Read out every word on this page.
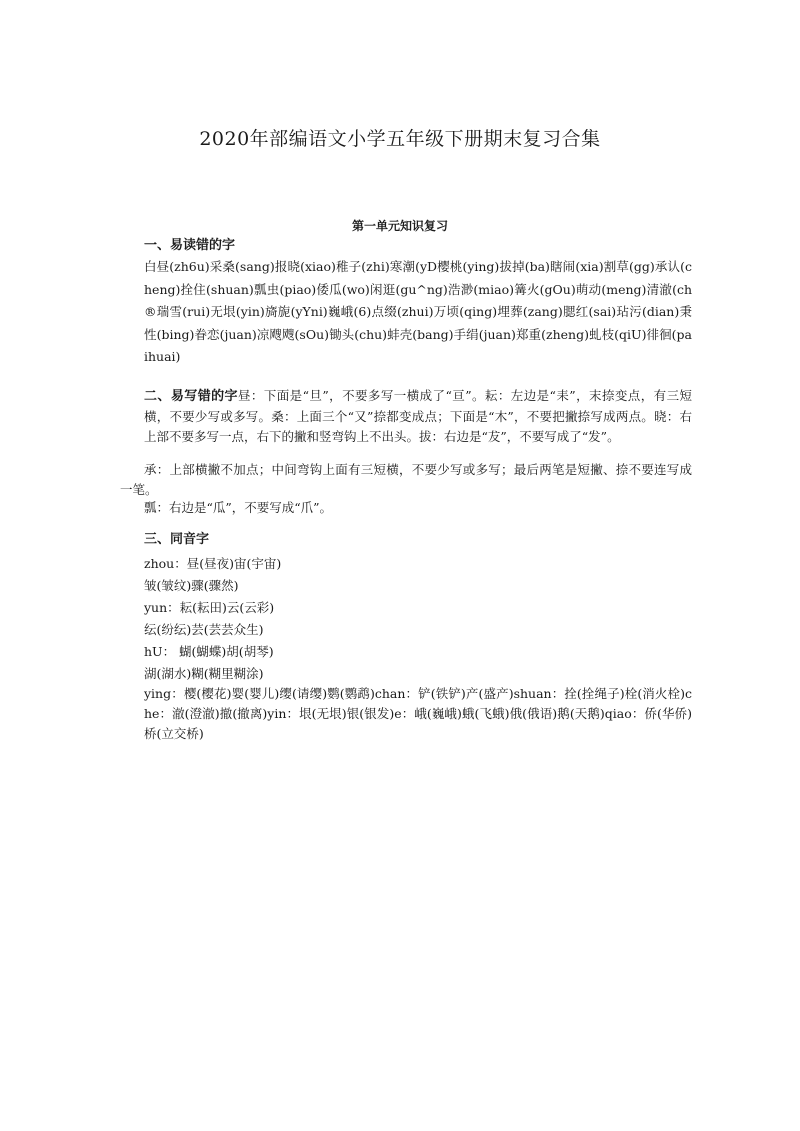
2020年部编语文小学五年级下册期末复习合集
第一单元知识复习
一、易读错的字

白昼(zh6u)采桑(sang)报晓(xiao)稚子(zhi)寒潮(yD樱桃(ying)拔掉(ba)瞎闹(xia)割草(gg)承认(cheng)拴住(shuan)瓢虫(piao)倭瓜(wo)闲逛(gu^ng)浩渺(miao)篝火(gOu)萌动(meng)清澈(ch®瑞雪(rui)无垠(yin)旖旎(yYni)巍峨(6)点缀(zhui)万顷(qing)埋葬(zang)腮红(sai)玷污(dian)秉性(bing)眷恋(juan)凉飕飕(sOu)锄头(chu)蚌壳(bang)手绢(juan)郑重(zheng)虬枝(qiU)徘徊(paihuai)

二、易写错的字昼：下面是“旦”，不要多写一横成了“亘”。耘：左边是“耒”，末捺变点，有三短横，不要少写或多写。桑：上面三个“又”捺都变成点；下面是“木”，不要把撇捺写成两点。晓：右上部不要多写一点，右下的撇和竖弯钩上不出头。拔：右边是“犮”，不要写成了“发”。

承：上部横撇不加点；中间弯钩上面有三短横，不要少写或多写；最后两笔是短撇、捺不要连写成一笔。

瓢：右边是“瓜”，不要写成“爪”。

三、同音字

zhou：昼(昼夜)宙(宇宙)

皱(皱纹)骤(骤然)

yun：耘(耘田)云(云彩)

纭(纷纭)芸(芸芸众生)

hU： 蝴(蝴蝶)胡(胡琴)

湖(湖水)糊(糊里糊涂)

ying：樱(樱花)婴(婴儿)缨(请缨)鹦(鹦鹉)chan：铲(铁铲)产(盛产)shuan：拴(拴绳子)栓(消火栓)che：澈(澄澈)撤(撤离)yin：垠(无垠)银(银发)e：峨(巍峨)蛾(飞蛾)俄(俄语)鹅(天鹅)qiao：侨(华侨)桥(立交桥)
